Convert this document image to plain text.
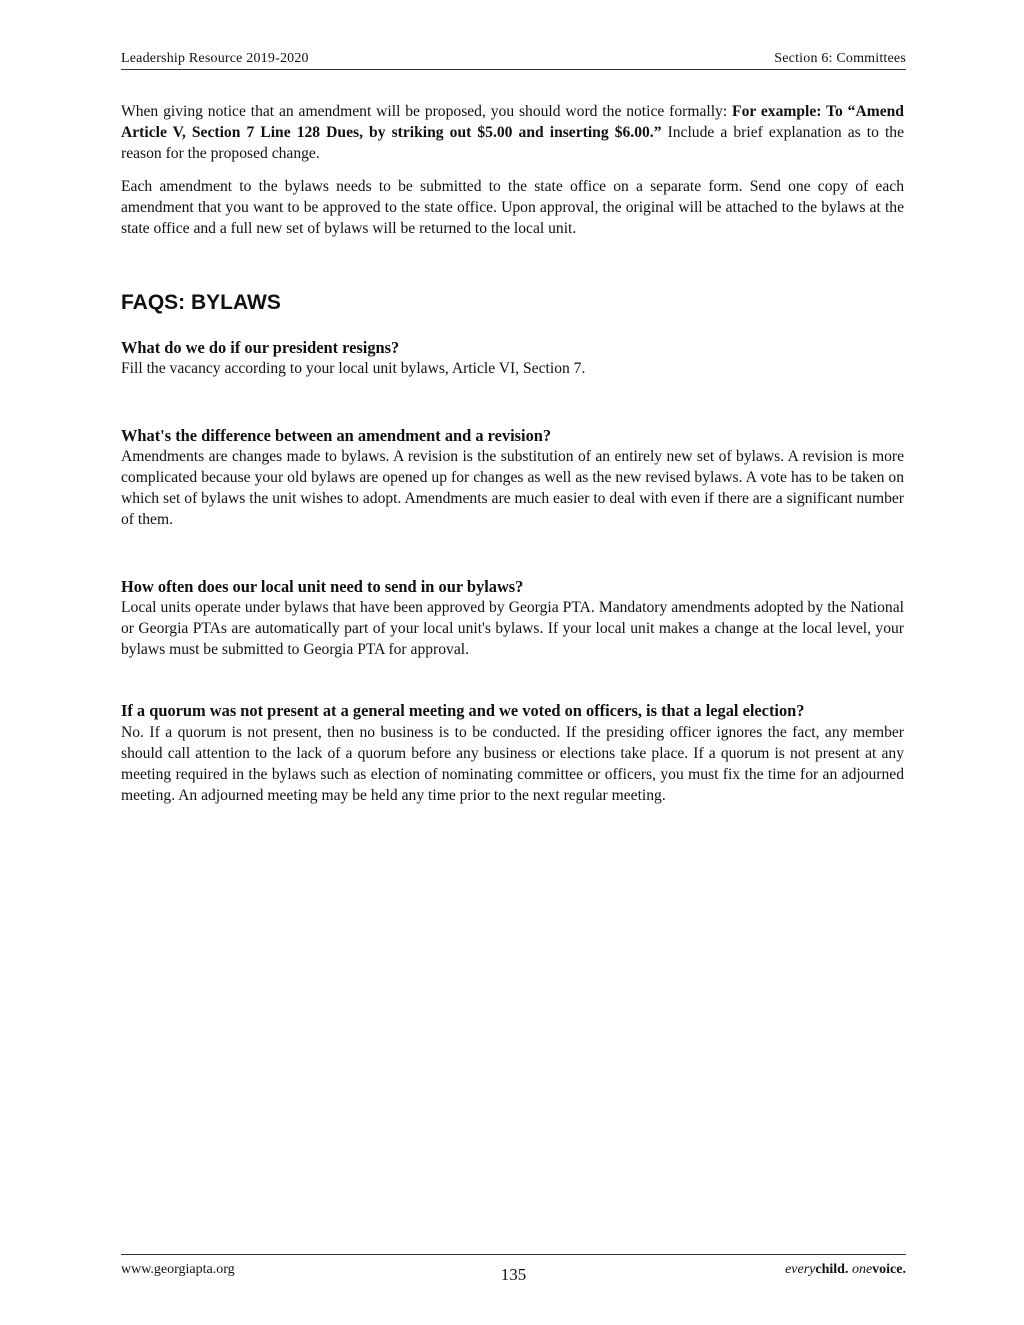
Leadership Resource 2019-2020	Section 6: Committees

When giving notice that an amendment will be proposed, you should word the notice formally: For example: To “Amend Article V, Section 7 Line 128 Dues, by striking out $5.00 and inserting $6.00.” Include a brief explanation as to the reason for the proposed change.

Each amendment to the bylaws needs to be submitted to the state office on a separate form. Send one copy of each amendment that you want to be approved to the state office. Upon approval, the original will be attached to the bylaws at the state office and a full new set of bylaws will be returned to the local unit.

FAQS: BYLAWS

What do we do if our president resigns?

Fill the vacancy according to your local unit bylaws, Article VI, Section 7.

What's the difference between an amendment and a revision?

Amendments are changes made to bylaws. A revision is the substitution of an entirely new set of bylaws. A revision is more complicated because your old bylaws are opened up for changes as well as the new revised bylaws. A vote has to be taken on which set of bylaws the unit wishes to adopt. Amendments are much easier to deal with even if there are a significant number of them.

How often does our local unit need to send in our bylaws?

Local units operate under bylaws that have been approved by Georgia PTA. Mandatory amendments adopted by the National or Georgia PTAs are automatically part of your local unit's bylaws. If your local unit makes a change at the local level, your bylaws must be submitted to Georgia PTA for approval.

If a quorum was not present at a general meeting and we voted on officers, is that a legal election?

No. If a quorum is not present, then no business is to be conducted. If the presiding officer ignores the fact, any member should call attention to the lack of a quorum before any business or elections take place. If a quorum is not present at any meeting required in the bylaws such as election of nominating committee or officers, you must fix the time for an adjourned meeting. An adjourned meeting may be held any time prior to the next regular meeting.

www.georgiapta.org	135	everychild. onevoice.
